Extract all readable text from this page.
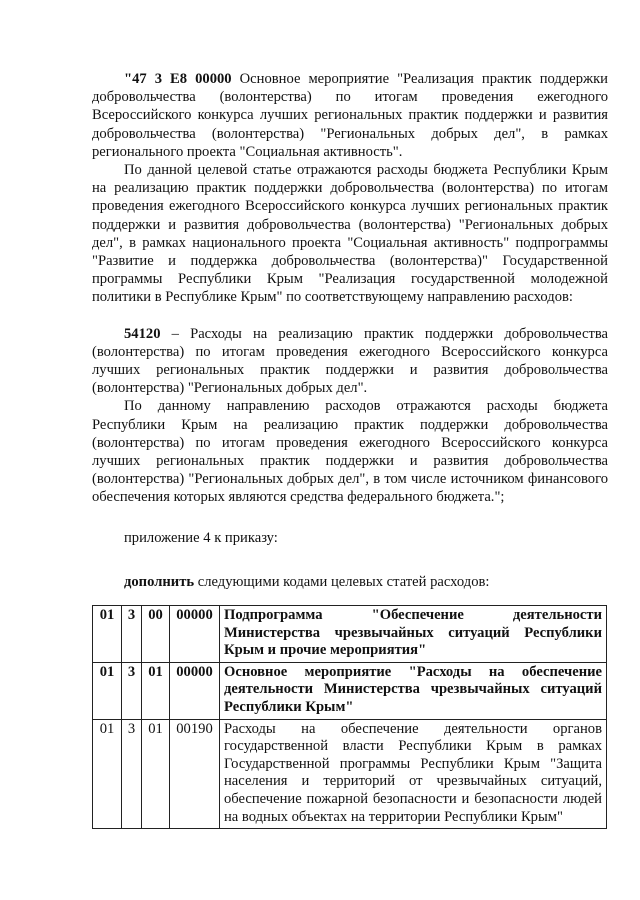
"47 3 Е8 00000 Основное мероприятие "Реализация практик поддержки добровольчества (волонтерства) по итогам проведения ежегодного Всероссийского конкурса лучших региональных практик поддержки и развития добровольчества (волонтерства) "Региональных добрых дел", в рамках регионального проекта "Социальная активность".

По данной целевой статье отражаются расходы бюджета Республики Крым на реализацию практик поддержки добровольчества (волонтерства) по итогам проведения ежегодного Всероссийского конкурса лучших региональных практик поддержки и развития добровольчества (волонтерства) "Региональных добрых дел", в рамках национального проекта "Социальная активность" подпрограммы "Развитие и поддержка добровольчества (волонтерства)" Государственной программы Республики Крым "Реализация государственной молодежной политики в Республике Крым" по соответствующему направлению расходов:

54120 – Расходы на реализацию практик поддержки добровольчества (волонтерства) по итогам проведения ежегодного Всероссийского конкурса лучших региональных практик поддержки и развития добровольчества (волонтерства) "Региональных добрых дел".

По данному направлению расходов отражаются расходы бюджета Республики Крым на реализацию практик поддержки добровольчества (волонтерства) по итогам проведения ежегодного Всероссийского конкурса лучших региональных практик поддержки и развития добровольчества (волонтерства) "Региональных добрых дел", в том числе источником финансового обеспечения которых являются средства федерального бюджета.";

приложение 4 к приказу:

дополнить следующими кодами целевых статей расходов:

01	3	00	00000	Подпрограмма "Обеспечение деятельности Министерства чрезвычайных ситуаций Республики Крым и прочие мероприятия"
01	3	01	00000	Основное мероприятие "Расходы на обеспечение деятельности Министерства чрезвычайных ситуаций Республики Крым"
01	3	01	00190	Расходы на обеспечение деятельности органов государственной власти Республики Крым в рамках Государственной программы Республики Крым "Защита населения и территорий от чрезвычайных ситуаций, обеспечение пожарной безопасности и безопасности людей на водных объектах на территории Республики Крым"
